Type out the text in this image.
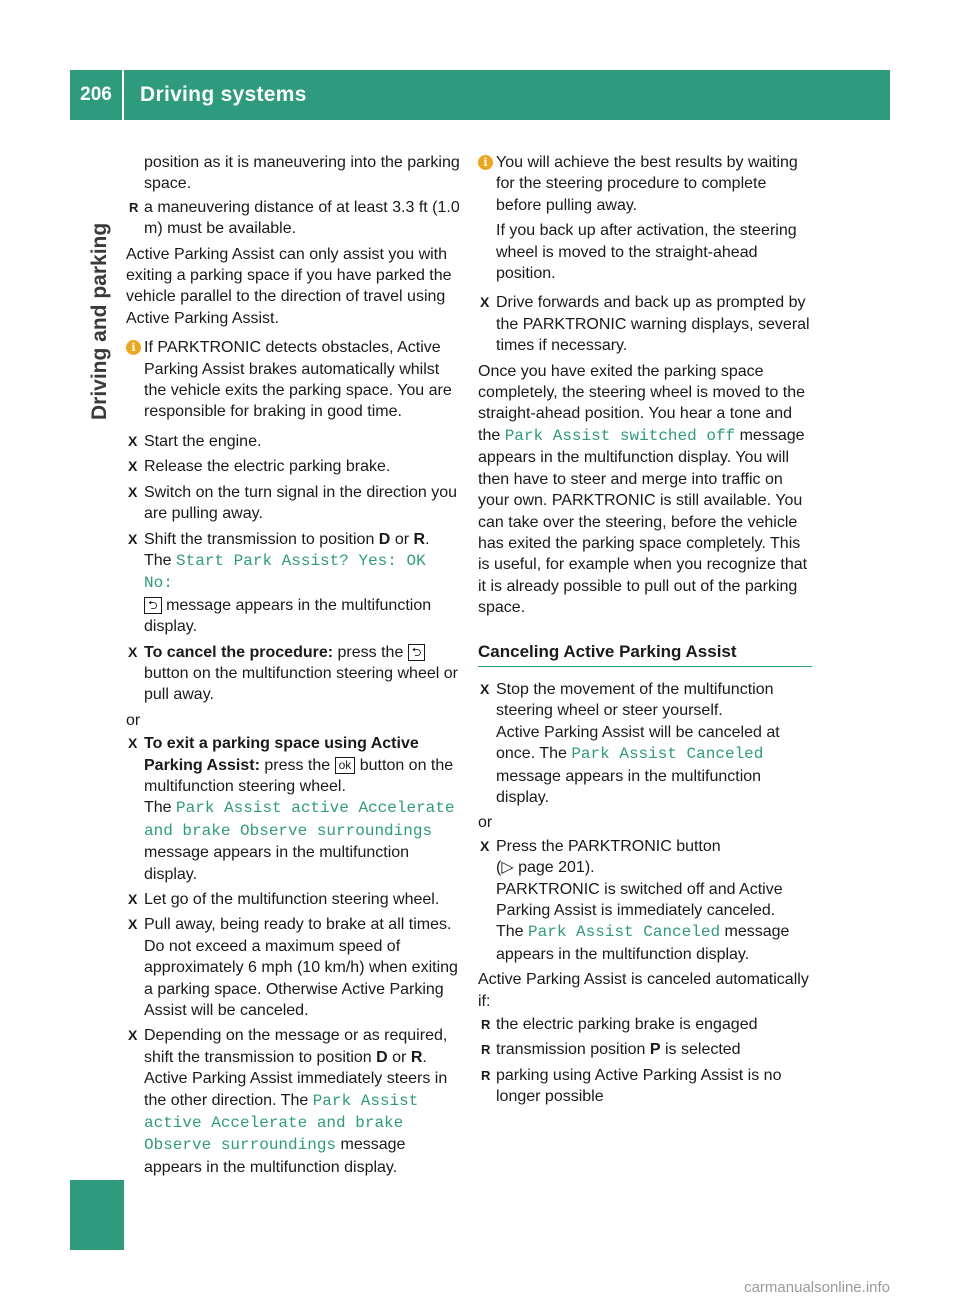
206	Driving systems
Driving and parking
position as it is maneuvering into the parking space.
R a maneuvering distance of at least 3.3 ft (1.0 m) must be available.
Active Parking Assist can only assist you with exiting a parking space if you have parked the vehicle parallel to the direction of travel using Active Parking Assist.
i If PARKTRONIC detects obstacles, Active Parking Assist brakes automatically whilst the vehicle exits the parking space. You are responsible for braking in good time.
X Start the engine.
X Release the electric parking brake.
X Switch on the turn signal in the direction you are pulling away.
X Shift the transmission to position D or R.
The Start Park Assist? Yes: OK No:
⮌ message appears in the multifunction display.
X To cancel the procedure: press the ⮌ button on the multifunction steering wheel or pull away.
or
X To exit a parking space using Active Parking Assist: press the ok button on the multifunction steering wheel.
The Park Assist active Accelerate and brake Observe surroundings message appears in the multifunction display.
X Let go of the multifunction steering wheel.
X Pull away, being ready to brake at all times. Do not exceed a maximum speed of approximately 6 mph (10 km/h) when exiting a parking space. Otherwise Active Parking Assist will be canceled.
X Depending on the message or as required, shift the transmission to position D or R.
Active Parking Assist immediately steers in the other direction. The Park Assist active Accelerate and brake Observe surroundings message appears in the multifunction display.
i You will achieve the best results by waiting for the steering procedure to complete before pulling away.
If you back up after activation, the steering wheel is moved to the straight-ahead position.
X Drive forwards and back up as prompted by the PARKTRONIC warning displays, several times if necessary.
Once you have exited the parking space completely, the steering wheel is moved to the straight-ahead position. You hear a tone and the Park Assist switched off message appears in the multifunction display. You will then have to steer and merge into traffic on your own. PARKTRONIC is still available. You can take over the steering, before the vehicle has exited the parking space completely. This is useful, for example when you recognize that it is already possible to pull out of the parking space.
Canceling Active Parking Assist
X Stop the movement of the multifunction steering wheel or steer yourself.
Active Parking Assist will be canceled at once. The Park Assist Canceled message appears in the multifunction display.
or
X Press the PARKTRONIC button
(▷ page 201).
PARKTRONIC is switched off and Active Parking Assist is immediately canceled.
The Park Assist Canceled message appears in the multifunction display.
Active Parking Assist is canceled automatically if:
R the electric parking brake is engaged
R transmission position P is selected
R parking using Active Parking Assist is no longer possible
carmanualsonline.info
